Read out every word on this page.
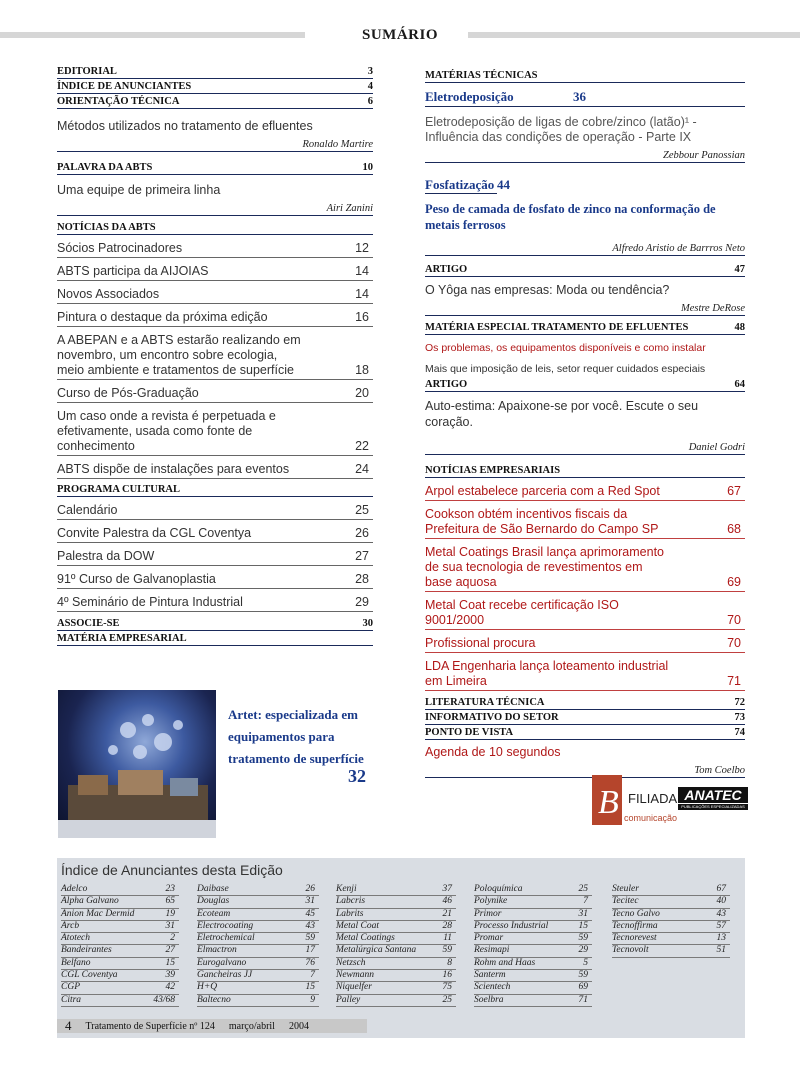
SUMÁRIO
EDITORIAL	3
ÍNDICE DE ANUNCIANTES	4
ORIENTAÇÃO TÉCNICA	6
Métodos utilizados no tratamento de efluentes
Ronaldo Martire
PALAVRA DA ABTS	10
Uma equipe de primeira linha
Airi Zanini
NOTÍCIAS DA ABTS
Sócios Patrocinadores	12
ABTS participa da AIJOIAS	14
Novos Associados	14
Pintura o destaque da próxima edição	16
A ABEPAN e a ABTS estarão realizando em novembro, um encontro sobre ecologia, meio ambiente e tratamentos de superfície	18
Curso de Pós-Graduação	20
Um caso onde a revista é perpetuada e efetivamente, usada como fonte de conhecimento	22
ABTS dispõe de instalações para eventos	24
PROGRAMA CULTURAL
Calendário	25
Convite Palestra da CGL Coventya	26
Palestra da DOW	27
91º Curso de Galvanoplastia	28
4º Seminário de Pintura Industrial	29
ASSOCIE-SE	30
MATÉRIA EMPRESARIAL
Artet: especializada em equipamentos para tratamento de superfície
32
MATÉRIAS TÉCNICAS
Eletrodeposição	36
Eletrodeposição de ligas de cobre/zinco (latão)¹ - Influência das condições de operação - Parte IX
Zebbour Panossian
Fosfatização 44
Peso de camada de fosfato de zinco na conformação de metais ferrosos
Alfredo Aristio de Barrros Neto
ARTIGO	47
O Yôga nas empresas: Moda ou tendência?
Mestre DeRose
MATÉRIA ESPECIAL TRATAMENTO DE EFLUENTES	48
Os problemas, os equipamentos disponíveis e como instalar
Mais que imposição de leis, setor requer cuidados especiais
ARTIGO	64
Auto-estima: Apaixone-se por você. Escute o seu coração.
Daniel Godri
NOTÍCIAS EMPRESARIAIS
Arpol estabelece parceria com a Red Spot	67
Cookson obtém incentivos fiscais da Prefeitura de São Bernardo do Campo SP	68
Metal Coatings Brasil lança aprimoramento de sua tecnologia de revestimentos em base aquosa	69
Metal Coat recebe certificação ISO 9001/2000	70
Profissional procura	70
LDA Engenharia lança loteamento industrial em Limeira	71
LITERATURA TÉCNICA	72
INFORMATIVO DO SETOR	73
PONTO DE VISTA	74
Agenda de 10 segundos
Tom Coelbo
B FILIADA ANATEC
PUBLICAÇÕES ESPECIALIZADAS
comunicação
Índice de Anunciantes desta Edição
Adelco	23
Alpha Galvano	65
Anion Mac Dermid	19
Arcb	31
Atotech	2
Bandeirantes	27
Belfano	15
CGL Coventya	39
CGP	42
Citra	43/68
Daibase	26
Douglas	31
Ecoteam	45
Electrocoating	43
Eletrochemical	59
Elmactron	17
Eurogalvano	76
Gancheiras JJ	7
H+Q	15
Baltecno	9
Kenji	37
Labcris	46
Labrits	21
Metal Coat	28
Metal Coatings	11
Metalúrgica Santana	59
Netzsch	8
Newmann	16
Niquelfer	75
Palley	25
Poloquímica	25
Polynike	7
Primor	31
Processo Industrial	15
Promar	59
Resimapi	29
Rohm and Haas	5
Santerm	59
Scientech	69
Soelbra	71
Steuler	67
Tecitec	40
Tecno Galvo	43
Tecnoffirma	57
Tecnorevest	13
Tecnovolt	51
4 Tratamento de Superfície nº 124 março/abril 2004
